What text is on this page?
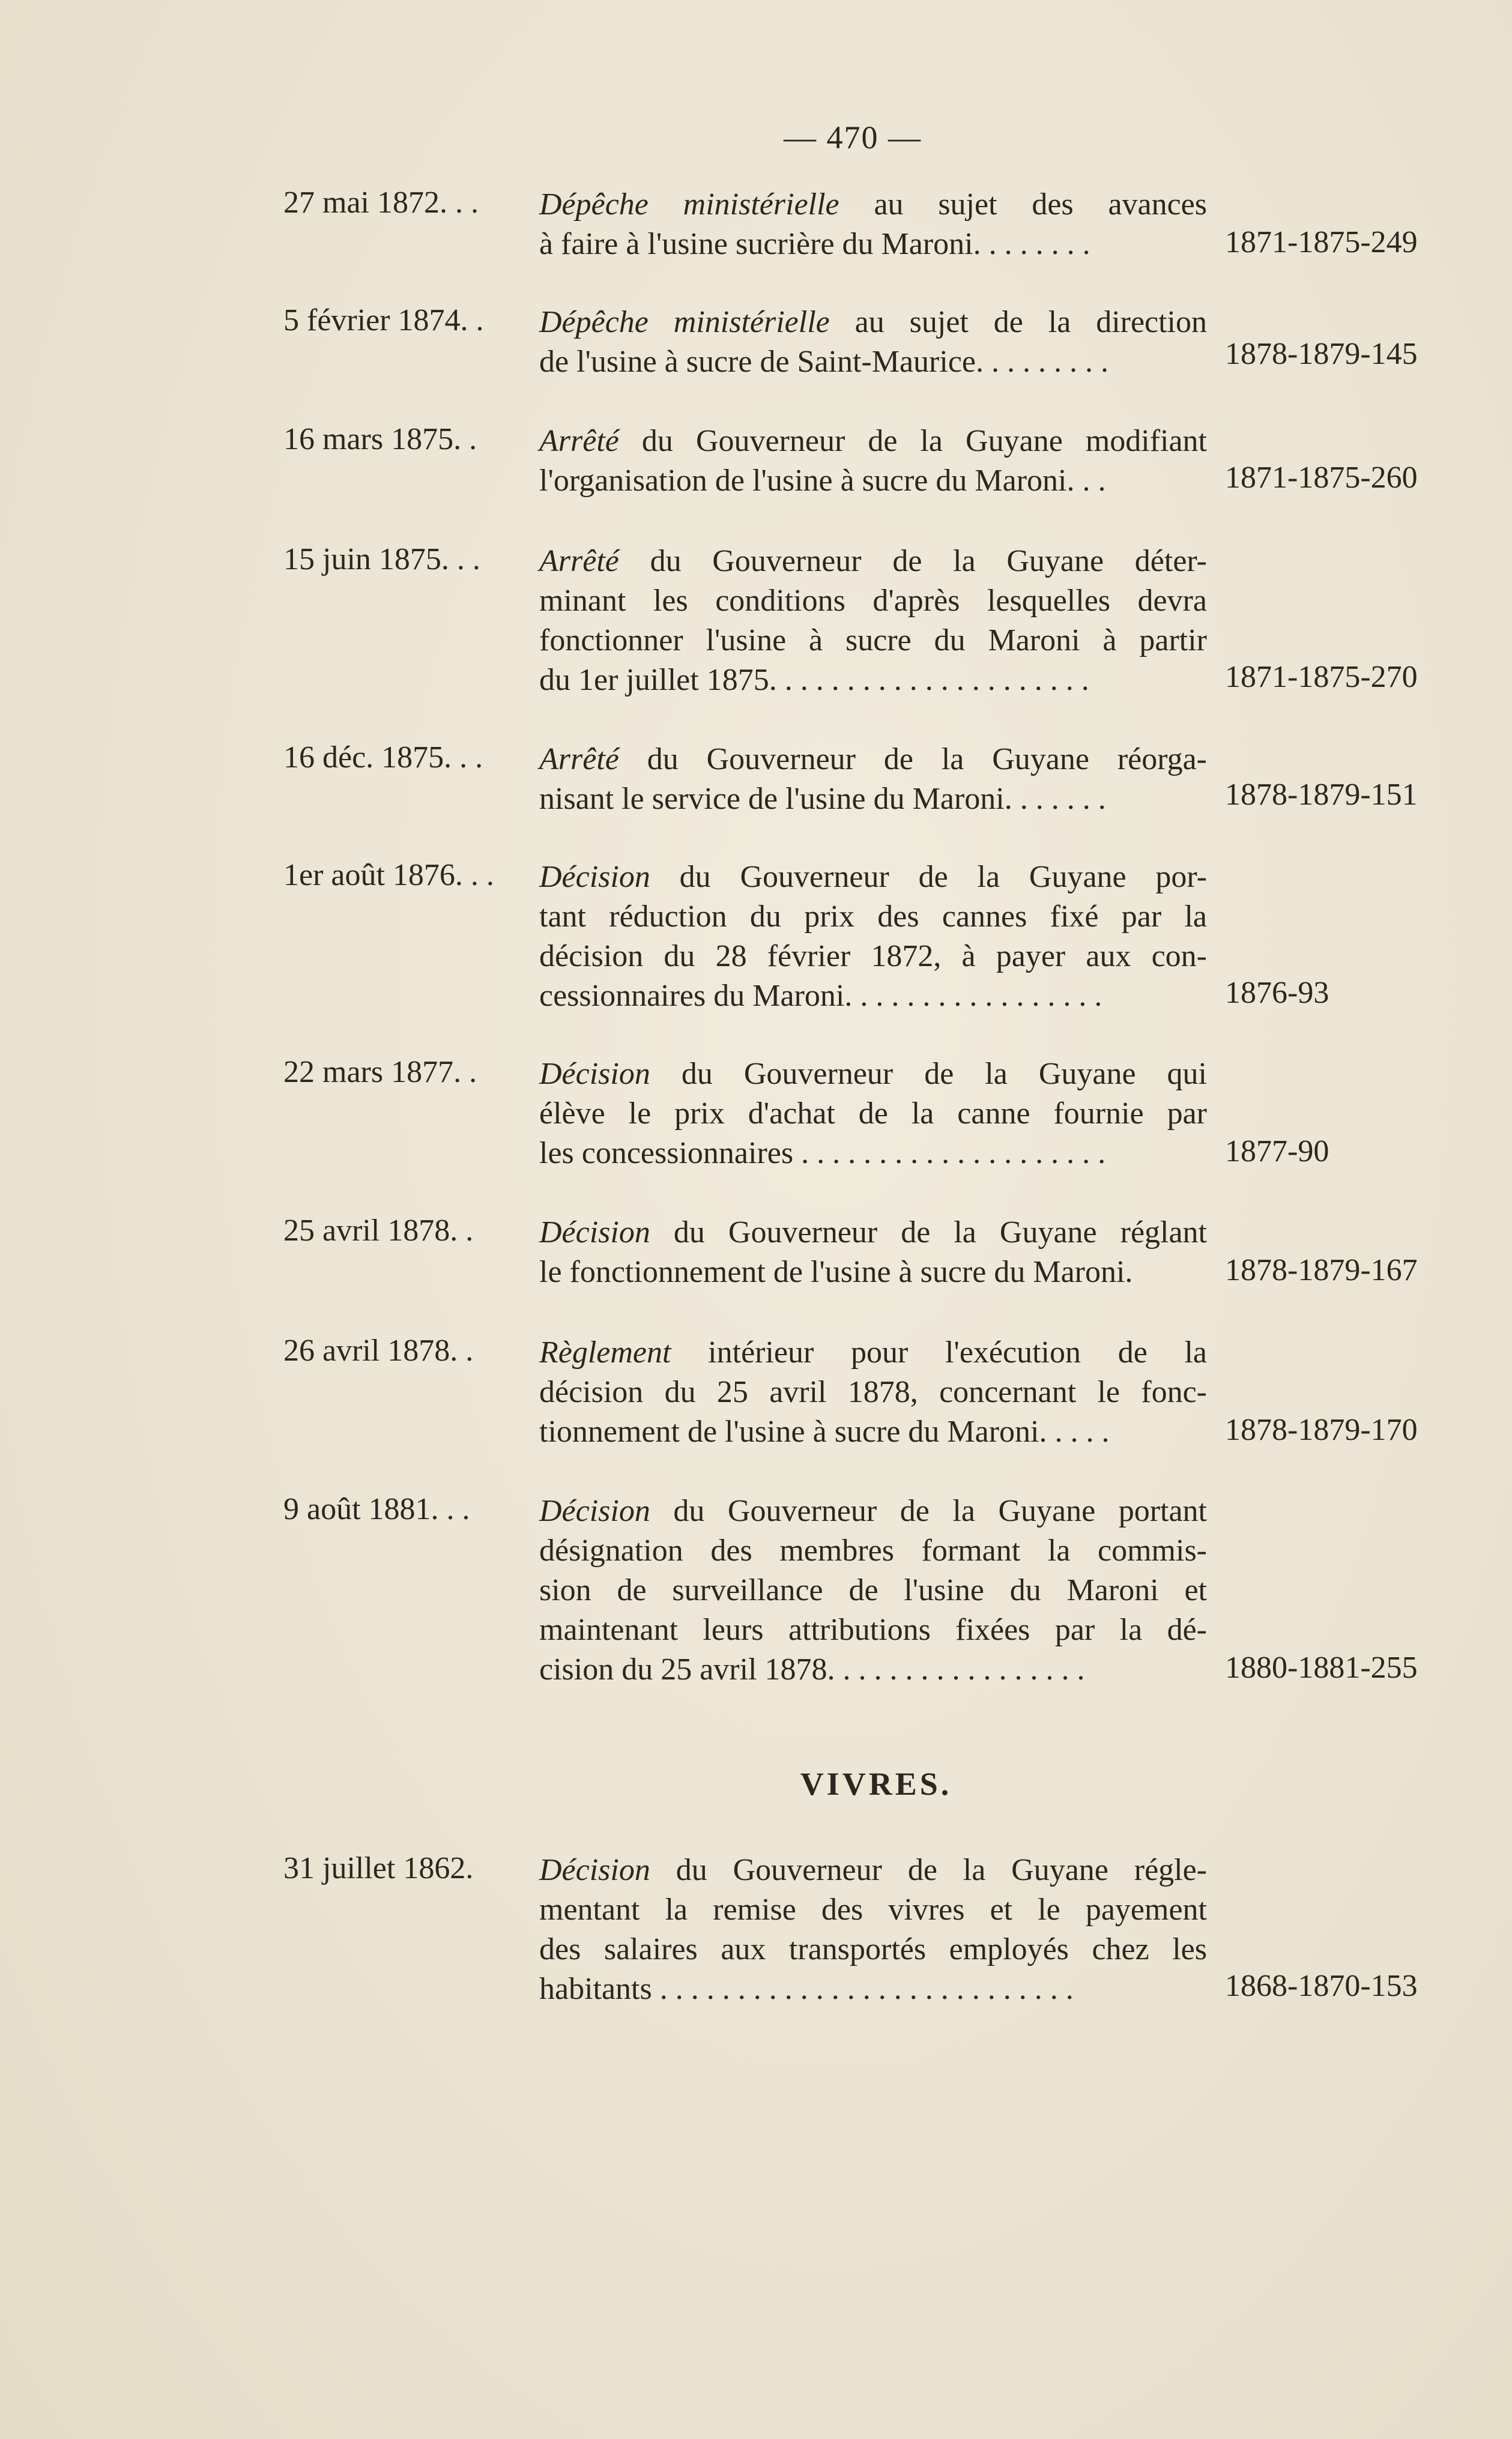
— 470 —
27 mai 1872. . . Dépêche ministérielle au sujet des avances
à faire à l'usine sucrière du Maroni. . . . . . . .	1871-1875-249
5 février 1874. . Dépêche ministérielle au sujet de la direction
de l'usine à sucre de Saint-Maurice. . . . . . . . .	1878-1879-145
16 mars 1875. . Arrêté du Gouverneur de la Guyane modifiant
l'organisation de l'usine à sucre du Maroni. . .	1871-1875-260
15 juin 1875. . . Arrêté du Gouverneur de la Guyane déter-
minant les conditions d'après lesquelles devra
fonctionner l'usine à sucre du Maroni à partir
du 1er juillet 1875. . . . . . . . . . . . . . . . . . . . .	1871-1875-270
16 déc. 1875. . . Arrêté du Gouverneur de la Guyane réorga-
nisant le service de l'usine du Maroni. . . . . . .	1878-1879-151
1er août 1876. . . Décision du Gouverneur de la Guyane por-
tant réduction du prix des cannes fixé par la
décision du 28 février 1872, à payer aux con-
cessionnaires du Maroni. . . . . . . . . . . . . . . . .	1876-93
22 mars 1877. . Décision du Gouverneur de la Guyane qui
élève le prix d'achat de la canne fournie par
les concessionnaires . . . . . . . . . . . . . . . . . . . .	1877-90
25 avril 1878. . Décision du Gouverneur de la Guyane réglant
le fonctionnement de l'usine à sucre du Maroni.	1878-1879-167
26 avril 1878. . Règlement intérieur pour l'exécution de la
décision du 25 avril 1878, concernant le fonc-
tionnement de l'usine à sucre du Maroni. . . . .	1878-1879-170
9 août 1881. . . Décision du Gouverneur de la Guyane portant
désignation des membres formant la commis-
sion de surveillance de l'usine du Maroni et
maintenant leurs attributions fixées par la dé-
cision du 25 avril 1878. . . . . . . . . . . . . . . . .	1880-1881-255
VIVRES.
31 juillet 1862. Décision du Gouverneur de la Guyane régle-
mentant la remise des vivres et le payement
des salaires aux transportés employés chez les
habitants . . . . . . . . . . . . . . . . . . . . . . . . . . .	1868-1870-153
